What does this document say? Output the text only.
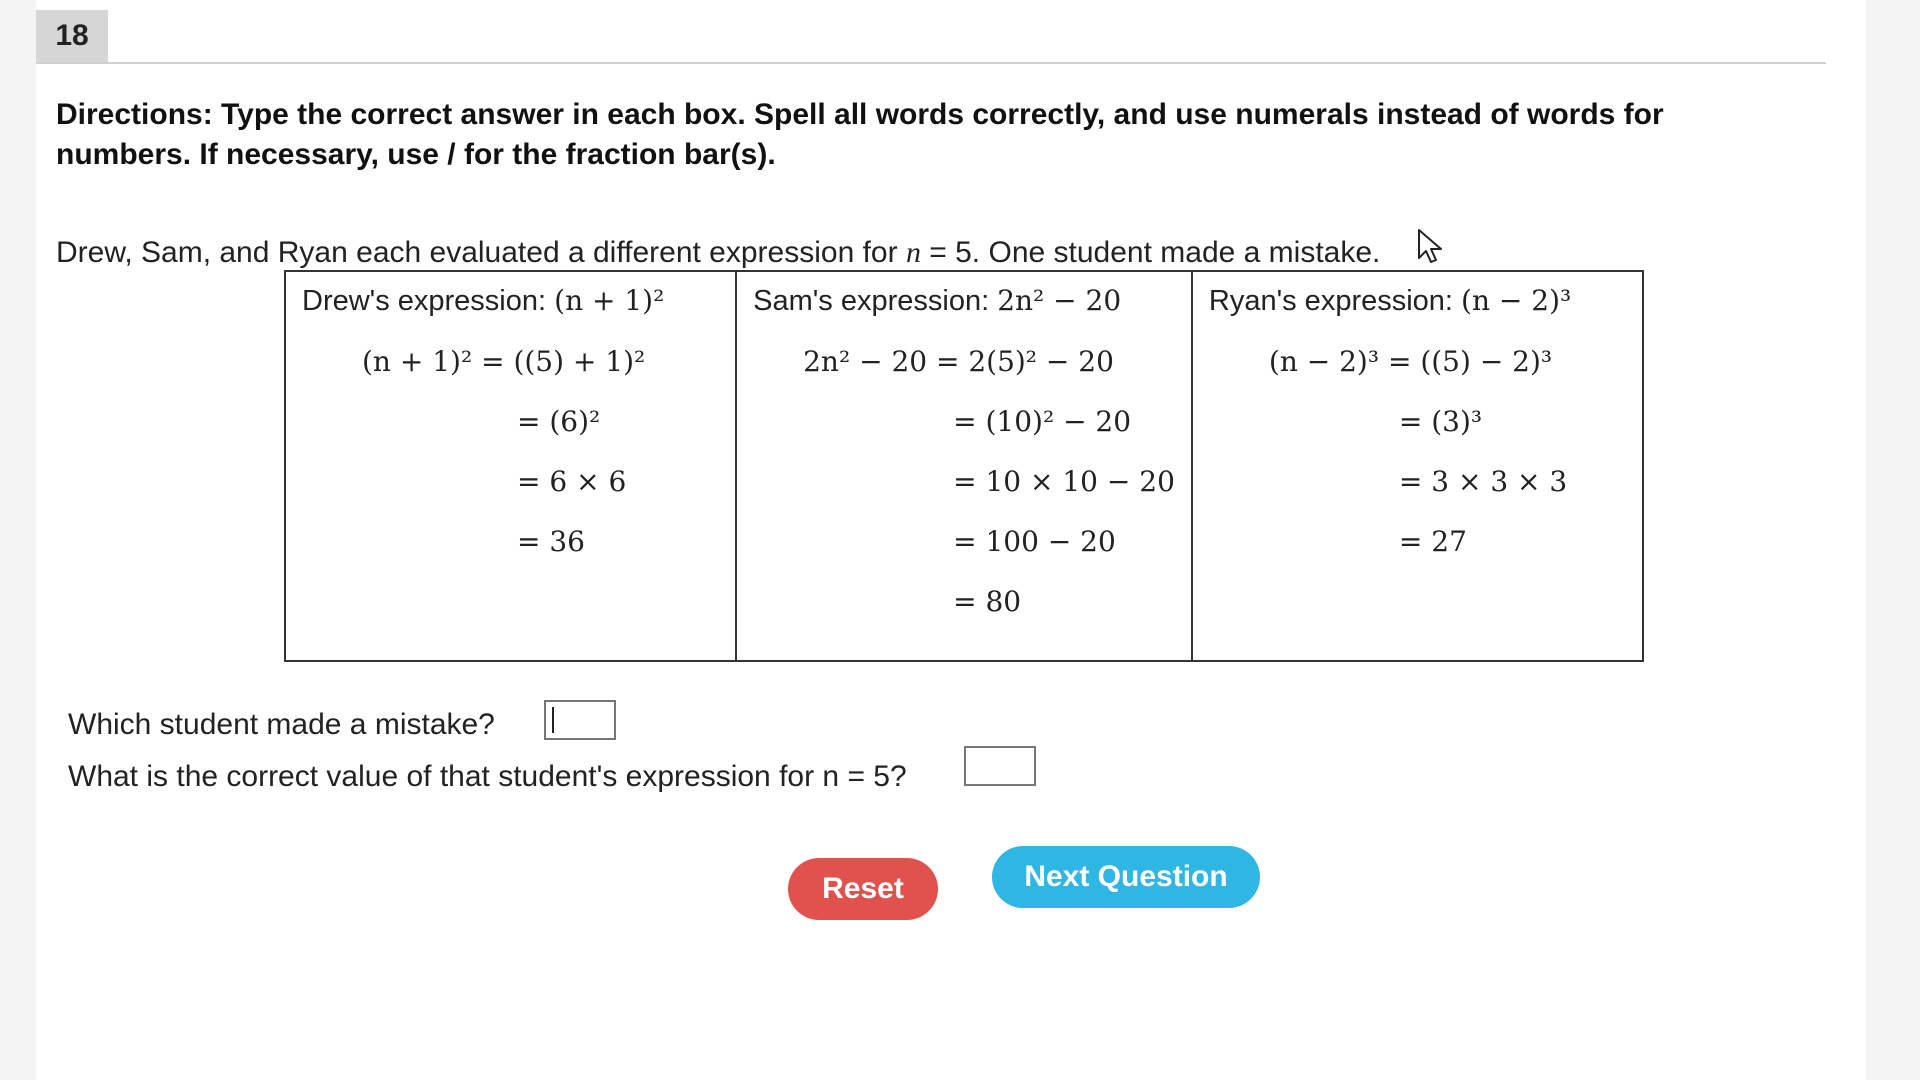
18
Directions: Type the correct answer in each box. Spell all words correctly, and use numerals instead of words for numbers. If necessary, use / for the fraction bar(s).
Drew, Sam, and Ryan each evaluated a different expression for n = 5. One student made a mistake.
Drew's expression: (n + 1)²
(n + 1)² = ((5) + 1)²
= (6)²
= 6 × 6
= 36
Sam's expression: 2n² − 20
2n² − 20 = 2(5)² − 20
= (10)² − 20
= 10 × 10 − 20
= 100 − 20
= 80
Ryan's expression: (n − 2)³
(n − 2)³ = ((5) − 2)³
= (3)³
= 3 × 3 × 3
= 27
Which student made a mistake?
What is the correct value of that student's expression for n = 5?
Reset	Next Question
